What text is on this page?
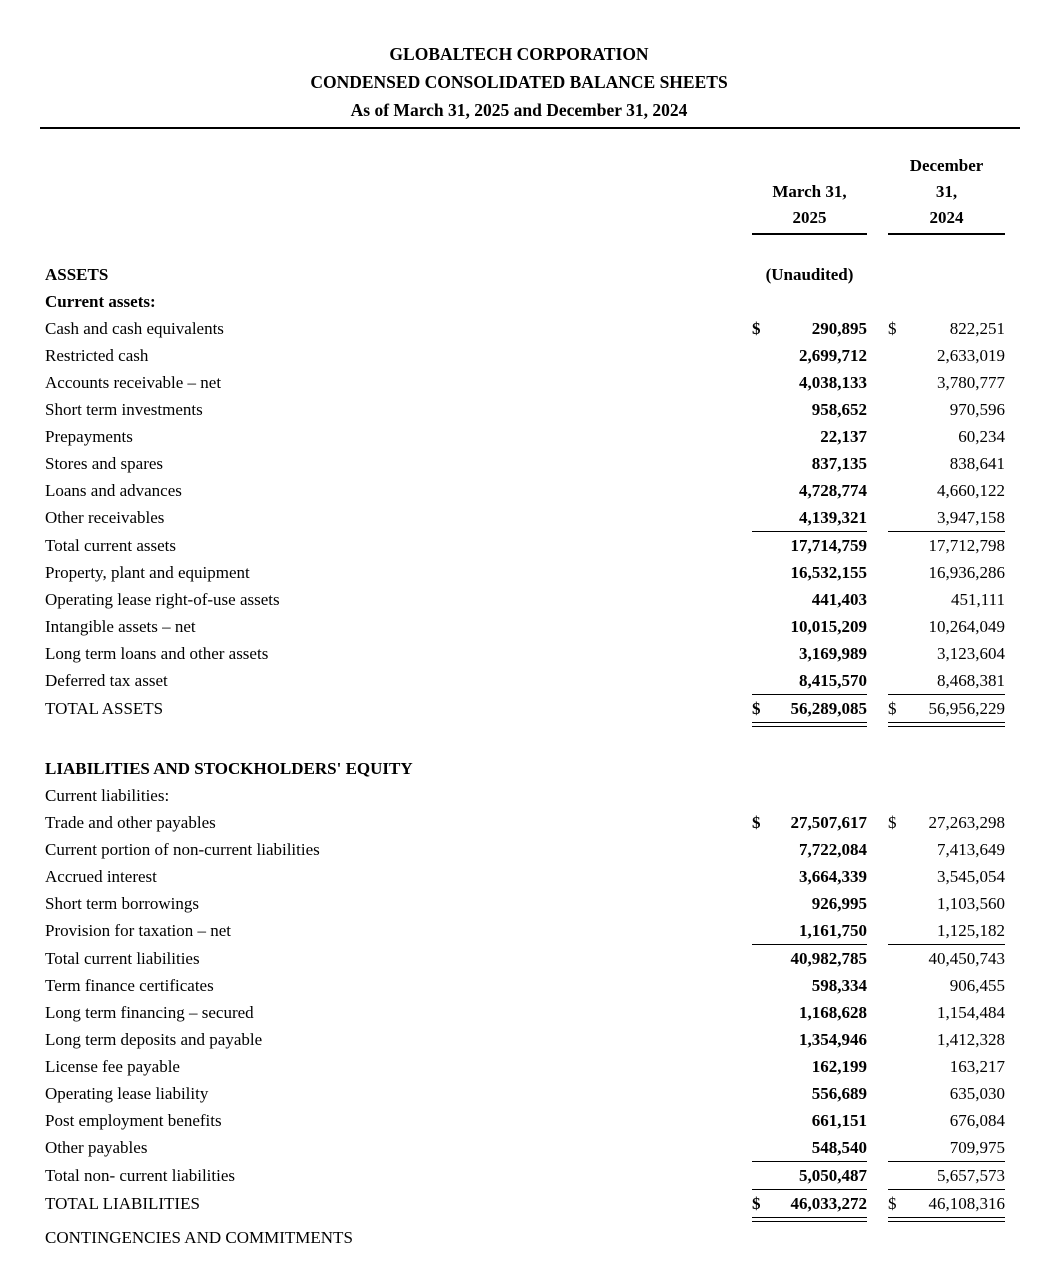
GLOBALTECH CORPORATION
CONDENSED CONSOLIDATED BALANCE SHEETS
As of March 31, 2025 and December 31, 2024
March 31,
2025
December
31,
2024
ASSETS	(Unaudited)
Current assets:
Cash and cash equivalents	$	290,895 $	822,251
Restricted cash	2,699,712	2,633,019
Accounts receivable – net	4,038,133	3,780,777
Short term investments	958,652	970,596
Prepayments	22,137	60,234
Stores and spares	837,135	838,641
Loans and advances	4,728,774	4,660,122
Other receivables	4,139,321	3,947,158
Total current assets	17,714,759	17,712,798
Property, plant and equipment	16,532,155	16,936,286
Operating lease right-of-use assets	441,403	451,111
Intangible assets – net	10,015,209	10,264,049
Long term loans and other assets	3,169,989	3,123,604
Deferred tax asset	8,415,570	8,468,381
TOTAL ASSETS	$ 56,289,085 $ 56,956,229
LIABILITIES AND STOCKHOLDERS' EQUITY
Current liabilities:
Trade and other payables	$ 27,507,617 $ 27,263,298
Current portion of non-current liabilities	7,722,084	7,413,649
Accrued interest	3,664,339	3,545,054
Short term borrowings	926,995	1,103,560
Provision for taxation – net	1,161,750	1,125,182
Total current liabilities	40,982,785	40,450,743
Term finance certificates	598,334	906,455
Long term financing – secured	1,168,628	1,154,484
Long term deposits and payable	1,354,946	1,412,328
License fee payable	162,199	163,217
Operating lease liability	556,689	635,030
Post employment benefits	661,151	676,084
Other payables	548,540	709,975
Total non- current liabilities	5,050,487	5,657,573
TOTAL LIABILITIES	$ 46,033,272 $ 46,108,316
CONTINGENCIES AND COMMITMENTS
